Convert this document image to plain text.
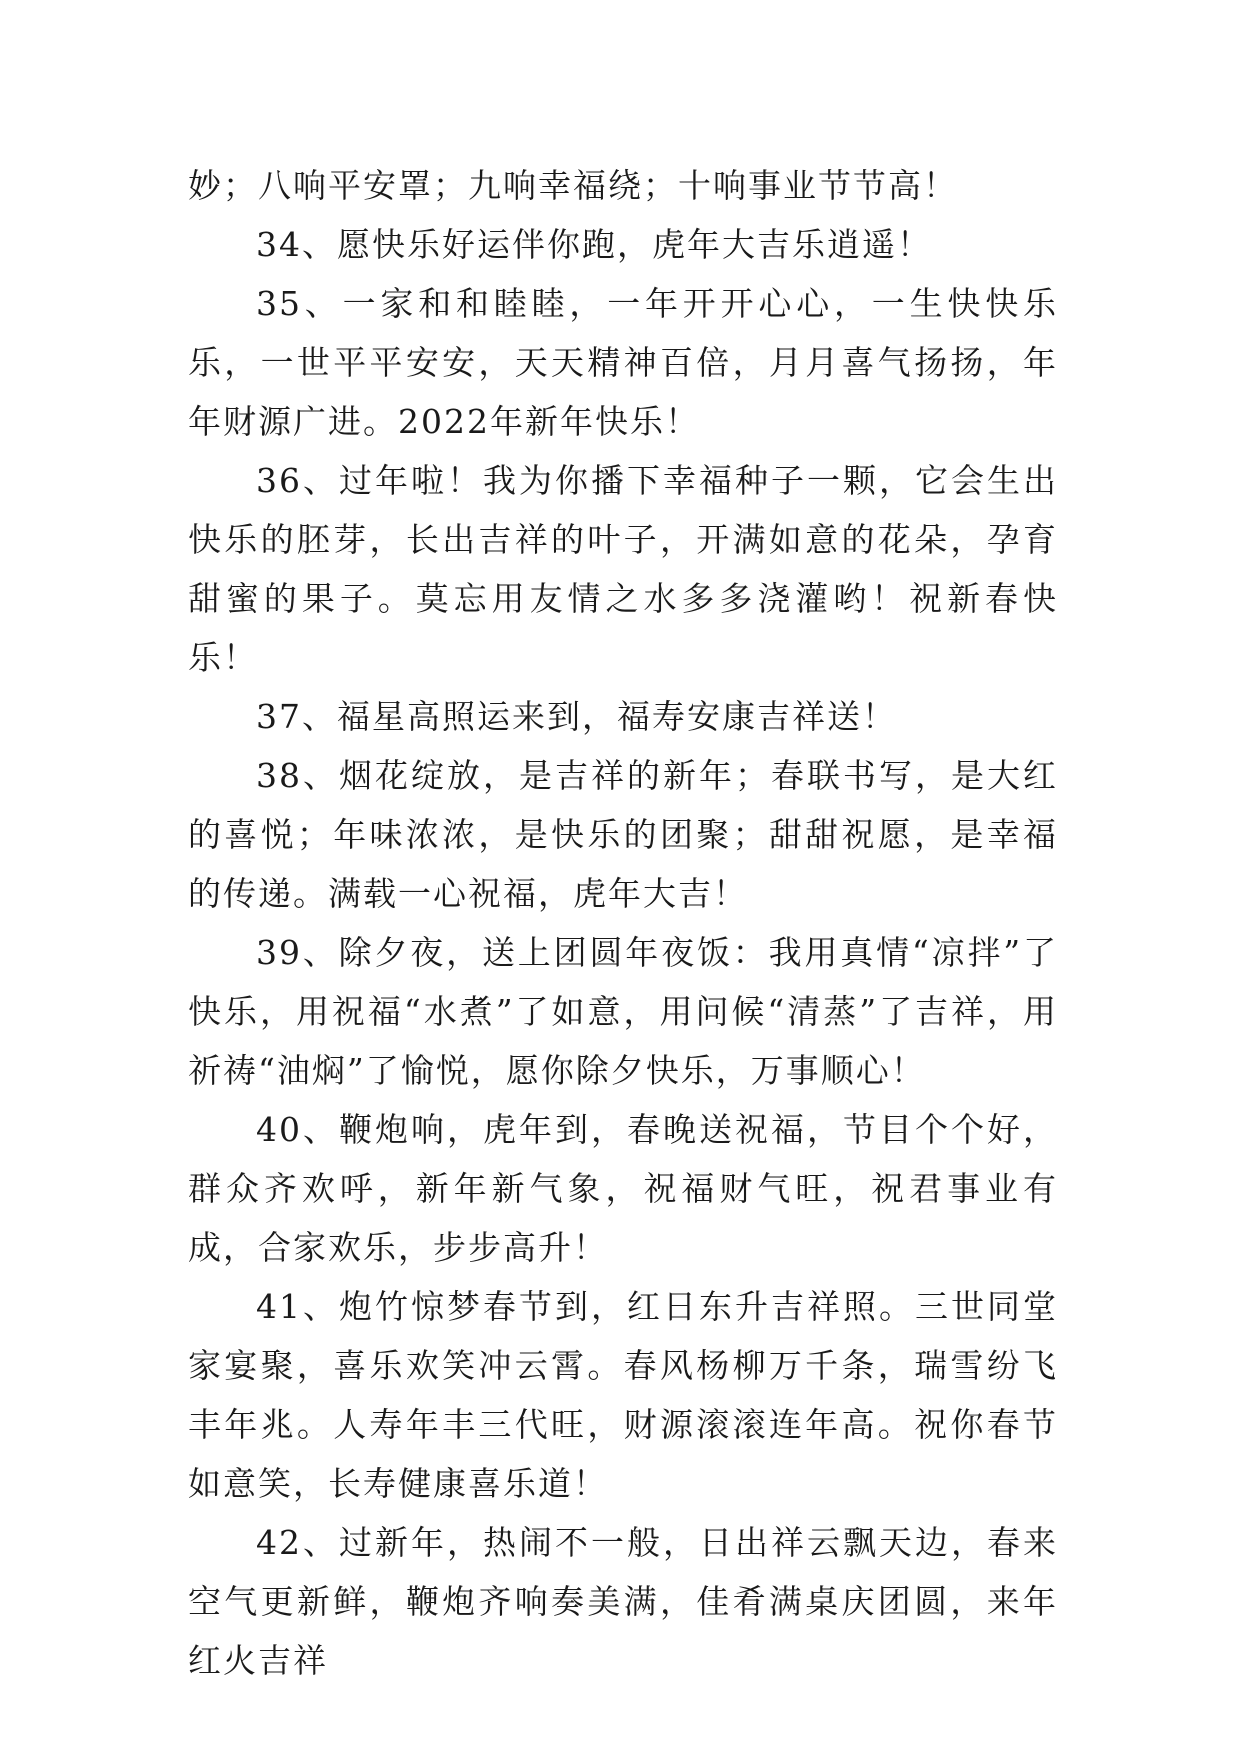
妙；八响平安罩；九响幸福绕；十响事业节节高！

34、愿快乐好运伴你跑，虎年大吉乐逍遥！

35、一家和和睦睦，一年开开心心，一生快快乐乐，一世平平安安，天天精神百倍，月月喜气扬扬，年年财源广进。2022年新年快乐！

36、过年啦！我为你播下幸福种子一颗，它会生出快乐的胚芽，长出吉祥的叶子，开满如意的花朵，孕育甜蜜的果子。莫忘用友情之水多多浇灌哟！祝新春快乐！

37、福星高照运来到，福寿安康吉祥送！

38、烟花绽放，是吉祥的新年；春联书写，是大红的喜悦；年味浓浓，是快乐的团聚；甜甜祝愿，是幸福的传递。满载一心祝福，虎年大吉！

39、除夕夜，送上团圆年夜饭：我用真情“凉拌”了快乐，用祝福“水煮”了如意，用问候“清蒸”了吉祥，用祈祷“油焖”了愉悦，愿你除夕快乐，万事顺心！

40、鞭炮响，虎年到，春晚送祝福，节目个个好，群众齐欢呼，新年新气象，祝福财气旺，祝君事业有成，合家欢乐，步步高升！

41、炮竹惊梦春节到，红日东升吉祥照。三世同堂家宴聚，喜乐欢笑冲云霄。春风杨柳万千条，瑞雪纷飞丰年兆。人寿年丰三代旺，财源滚滚连年高。祝你春节如意笑，长寿健康喜乐道！

42、过新年，热闹不一般，日出祥云飘天边，春来空气更新鲜，鞭炮齐响奏美满，佳肴满桌庆团圆，来年红火吉祥
